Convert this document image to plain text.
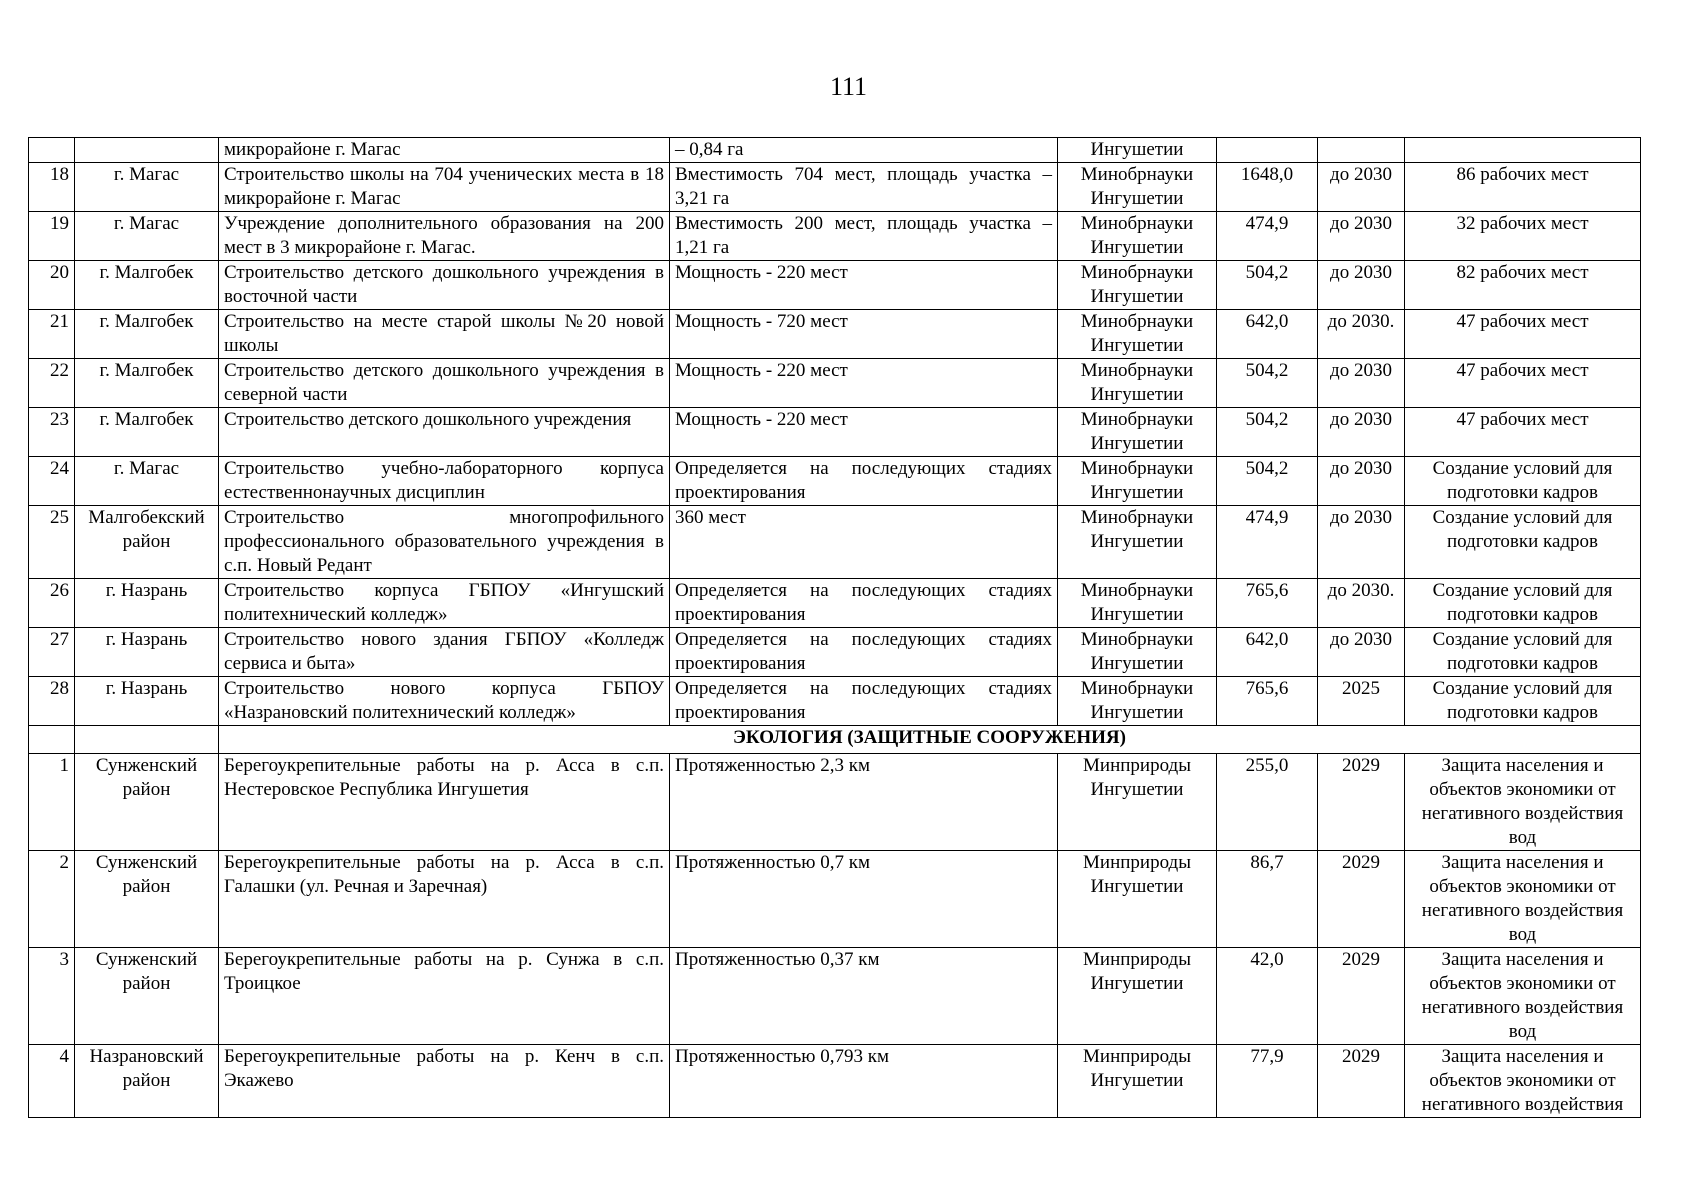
111
		микрорайоне г. Магас	– 0,84 га	Ингушетии			
18	г. Магас	Строительство школы на 704 ученических места в 18 микрорайоне г. Магас	Вместимость 704 мест, площадь участка – 3,21 га	Минобрнауки Ингушетии	1648,0	до 2030	86 рабочих мест
19	г. Магас	Учреждение дополнительного образования на 200 мест в 3 микрорайоне г. Магас.	Вместимость 200 мест, площадь участка – 1,21 га	Минобрнауки Ингушетии	474,9	до 2030	32 рабочих мест
20	г. Малгобек	Строительство детского дошкольного учреждения в восточной части	Мощность - 220 мест	Минобрнауки Ингушетии	504,2	до 2030	82 рабочих мест
21	г. Малгобек	Строительство на месте старой школы №20 новой школы	Мощность - 720 мест	Минобрнауки Ингушетии	642,0	до 2030.	47 рабочих мест
22	г. Малгобек	Строительство детского дошкольного учреждения в северной части	Мощность - 220 мест	Минобрнауки Ингушетии	504,2	до 2030	47 рабочих мест
23	г. Малгобек	Строительство детского дошкольного учреждения	Мощность - 220 мест	Минобрнауки Ингушетии	504,2	до 2030	47 рабочих мест
24	г. Магас	Строительство учебно-лабораторного корпуса естественнонаучных дисциплин	Определяется на последующих стадиях проектирования	Минобрнауки Ингушетии	504,2	до 2030	Создание условий для подготовки кадров
25	Малгобекский район	Строительство многопрофильного профессионального образовательного учреждения в с.п. Новый Редант	360 мест	Минобрнауки Ингушетии	474,9	до 2030	Создание условий для подготовки кадров
26	г. Назрань	Строительство корпуса ГБПОУ «Ингушский политехнический колледж»	Определяется на последующих стадиях проектирования	Минобрнауки Ингушетии	765,6	до 2030.	Создание условий для подготовки кадров
27	г. Назрань	Строительство нового здания ГБПОУ «Колледж сервиса и быта»	Определяется на последующих стадиях проектирования	Минобрнауки Ингушетии	642,0	до 2030	Создание условий для подготовки кадров
28	г. Назрань	Строительство нового корпуса ГБПОУ «Назрановский политехнический колледж»	Определяется на последующих стадиях проектирования	Минобрнауки Ингушетии	765,6	2025	Создание условий для подготовки кадров
		ЭКОЛОГИЯ (ЗАЩИТНЫЕ СООРУЖЕНИЯ)					
1	Сунженский район	Берегоукрепительные работы на р. Асса в с.п. Нестеровское Республика Ингушетия	Протяженностью 2,3 км	Минприроды Ингушетии	255,0	2029	Защита населения и объектов экономики от негативного воздействия вод
2	Сунженский район	Берегоукрепительные работы на р. Асса в с.п. Галашки (ул. Речная и Заречная)	Протяженностью 0,7 км	Минприроды Ингушетии	86,7	2029	Защита населения и объектов экономики от негативного воздействия вод
3	Сунженский район	Берегоукрепительные работы на р. Сунжа в с.п. Троицкое	Протяженностью 0,37 км	Минприроды Ингушетии	42,0	2029	Защита населения и объектов экономики от негативного воздействия вод
4	Назрановский район	Берегоукрепительные работы на р. Кенч в с.п. Экажево	Протяженностью 0,793 км	Минприроды Ингушетии	77,9	2029	Защита населения и объектов экономики от негативного воздействия
